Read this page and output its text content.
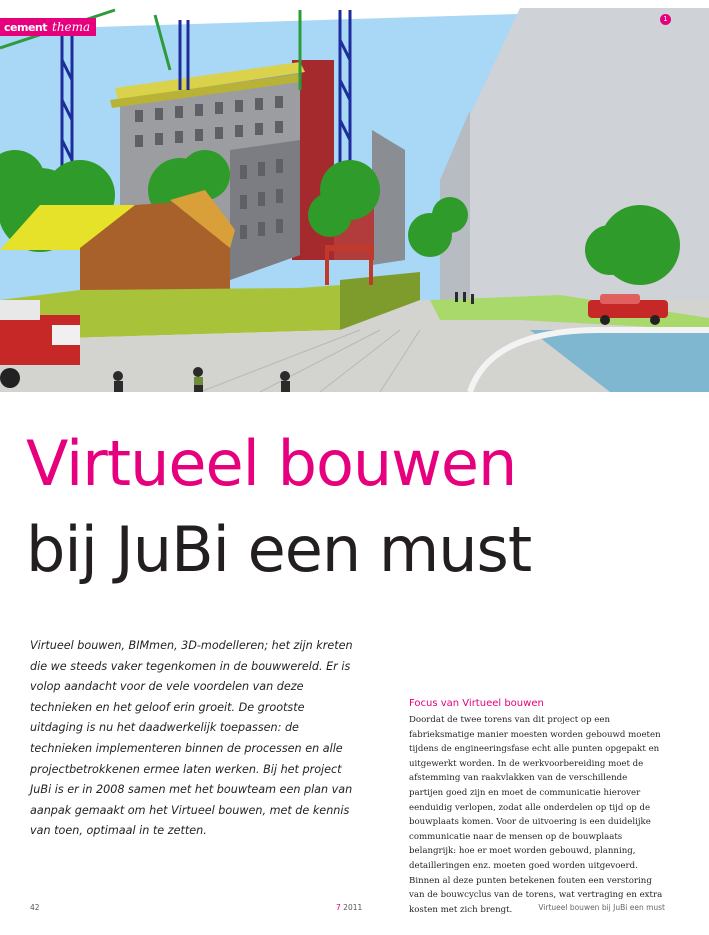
cement thema
1
Virtueel bouwen
bij JuBi een must

Virtueel bouwen, BIMmen, 3D-modelleren; het zijn kreten die we steeds vaker tegenkomen in de bouwwereld. Er is volop aandacht voor de vele voordelen van deze technieken en het geloof erin groeit. De grootste uitdaging is nu het daadwerkelijk toepassen: de technieken implementeren binnen de processen en alle projectbetrokkenen ermee laten werken. Bij het project JuBi is er in 2008 samen met het bouwteam een plan van aanpak gemaakt om het Virtueel bouwen, met de kennis van toen, optimaal in te zetten.

Focus van Virtueel bouwen

Doordat de twee torens van dit project op een fabrieksmatige manier moesten worden gebouwd moeten tijdens de engineeringsfase echt alle punten opgepakt en uitgewerkt worden. In de werkvoorbereiding moet de afstemming van raakvlakken van de verschillende partijen goed zijn en moet de communicatie hierover eenduidig verlopen, zodat alle onderdelen op tijd op de bouwplaats komen. Voor de uitvoering is een duidelijke communicatie naar de mensen op de bouwplaats belangrijk: hoe er moet worden gebouwd, planning, detailleringen enz. moeten goed worden uitgevoerd. Binnen al deze punten betekenen fouten een verstoring van de bouwcyclus van de torens, wat vertraging en extra kosten met zich brengt.

42	7 2011	Virtueel bouwen bij JuBi een must
